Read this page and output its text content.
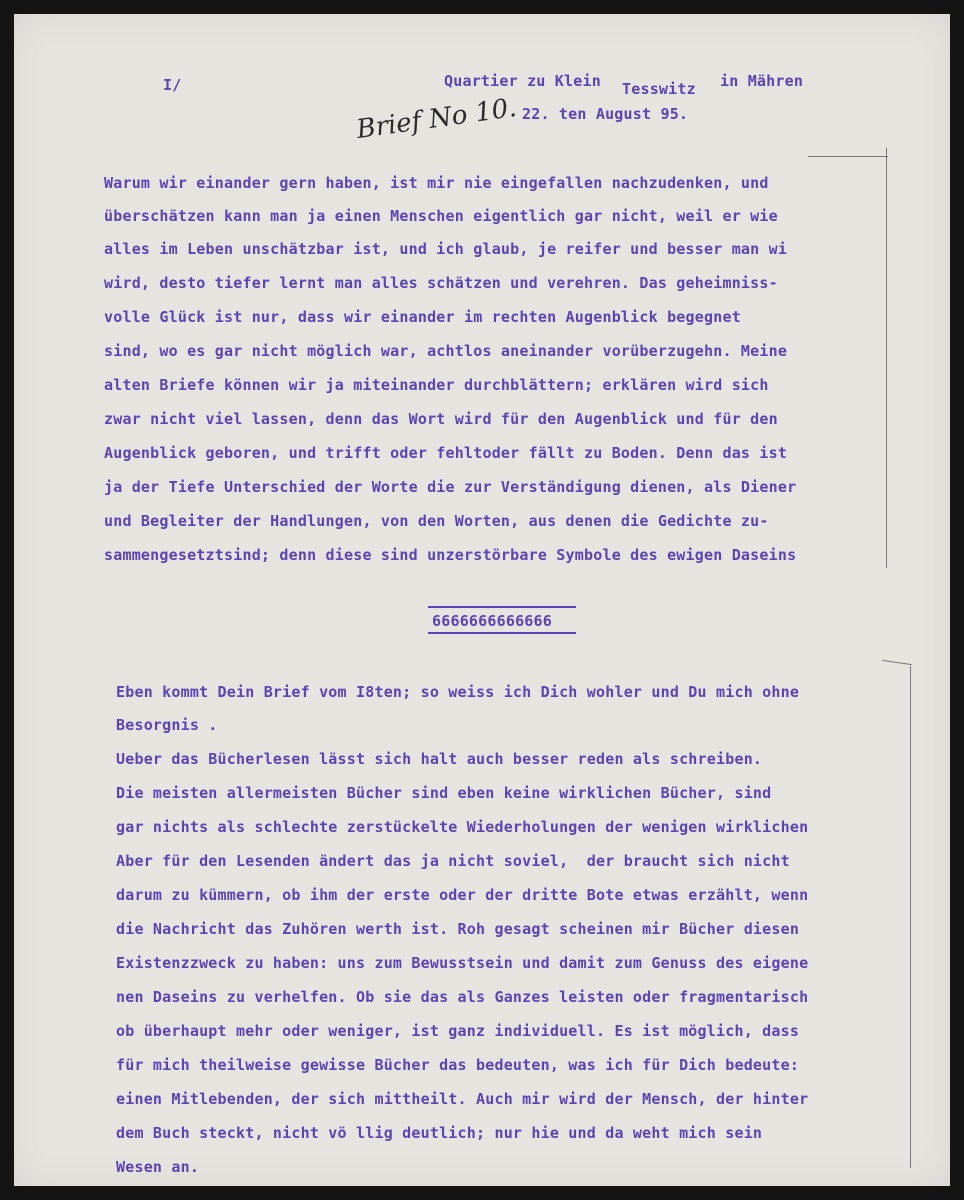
I/	Quartier zu Klein Tesswitz in Mähren

22. ten August 95.

Brief No 10.

Warum wir einander gern haben, ist mir nie eingefallen nachzudenken, und

überschätzen kann man ja einen Menschen eigentlich gar nicht, weil er wie

alles im Leben unschätzbar ist, und ich glaub, je reifer und besser man wi

wird, desto tiefer lernt man alles schätzen und verehren. Das geheimniss-

volle Glück ist nur, dass wir einander im rechten Augenblick begegnet

sind, wo es gar nicht möglich war, achtlos aneinander vorüberzugehn. Meine

alten Briefe können wir ja miteinander durchblättern; erklären wird sich

zwar nicht viel lassen, denn das Wort wird für den Augenblick und für den

Augenblick geboren, und trifft oder fehltoder fällt zu Boden. Denn das ist

ja der Tiefe Unterschied der Worte die zur Verständigung dienen, als Diener

und Begleiter der Handlungen, von den Worten, aus denen die Gedichte zu-

sammengesetztsind; denn diese sind unzerstörbare Symbole des ewigen Daseins

6666666666666

Eben kommt Dein Brief vom I8ten; so weiss ich Dich wohler und Du mich ohne

Besorgnis .

Ueber das Bücherlesen lässt sich halt auch besser reden als schreiben.

Die meisten allermeisten Bücher sind eben keine wirklichen Bücher, sind

gar nichts als schlechte zerstückelte Wiederholungen der wenigen wirklichen

Aber für den Lesenden ändert das ja nicht soviel,  der braucht sich nicht

darum zu kümmern, ob ihm der erste oder der dritte Bote etwas erzählt, wenn

die Nachricht das Zuhören werth ist. Roh gesagt scheinen mir Bücher diesen

Existenzzweck zu haben: uns zum Bewusstsein und damit zum Genuss des eigene

nen Daseins zu verhelfen. Ob sie das als Ganzes leisten oder fragmentarisch

ob überhaupt mehr oder weniger, ist ganz individuell. Es ist möglich, dass

für mich theilweise gewisse Bücher das bedeuten, was ich für Dich bedeute:

einen Mitlebenden, der sich mittheilt. Auch mir wird der Mensch, der hinter

dem Buch steckt, nicht vö llig deutlich; nur hie und da weht mich sein

Wesen an.
